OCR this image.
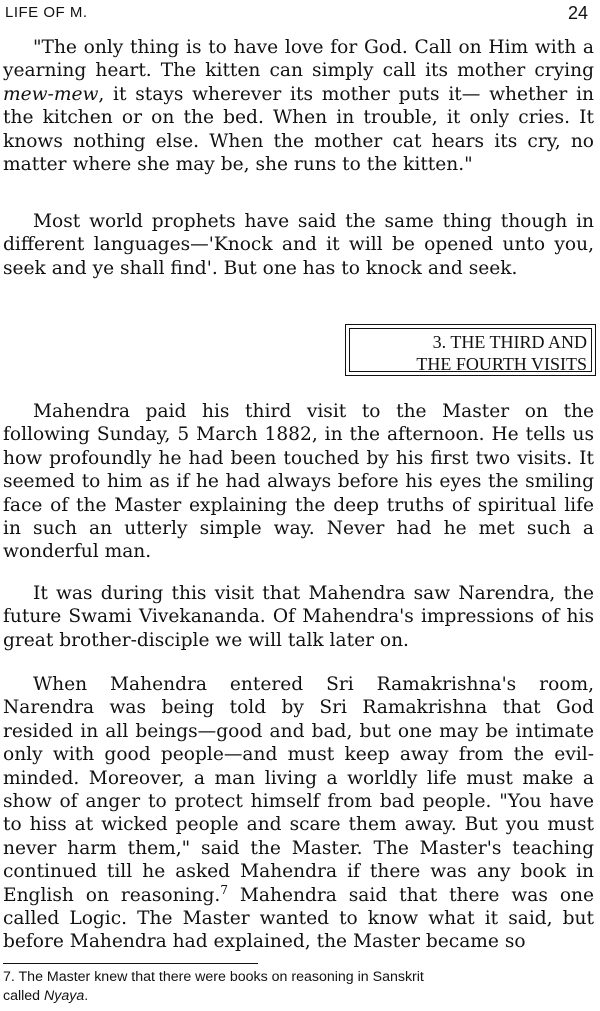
LIFE OF M.	24

"The only thing is to have love for God. Call on Him with a yearning heart. The kitten can simply call its mother crying mew-mew, it stays wherever its mother puts it— whether in the kitchen or on the bed. When in trouble, it only cries. It knows nothing else. When the mother cat hears its cry, no matter where she may be, she runs to the kitten."

Most world prophets have said the same thing though in different languages—'Knock and it will be opened unto you, seek and ye shall find'. But one has to knock and seek.

3. THE THIRD AND
THE FOURTH VISITS

Mahendra paid his third visit to the Master on the following Sunday, 5 March 1882, in the afternoon. He tells us how profoundly he had been touched by his first two visits. It seemed to him as if he had always before his eyes the smiling face of the Master explaining the deep truths of spiritual life in such an utterly simple way. Never had he met such a wonderful man.

It was during this visit that Mahendra saw Narendra, the future Swami Vivekananda. Of Mahendra's impressions of his great brother-disciple we will talk later on.

When Mahendra entered Sri Ramakrishna's room, Narendra was being told by Sri Ramakrishna that God resided in all beings—good and bad, but one may be intimate only with good people—and must keep away from the evil-minded. Moreover, a man living a worldly life must make a show of anger to protect himself from bad people. "You have to hiss at wicked people and scare them away. But you must never harm them," said the Master. The Master's teaching continued till he asked Mahendra if there was any book in English on reasoning.$^7$ Mahendra said that there was one called Logic. The Master wanted to know what it said, but before Mahendra had explained, the Master became so

7. The Master knew that there were books on reasoning in Sanskrit
called Nyaya.
